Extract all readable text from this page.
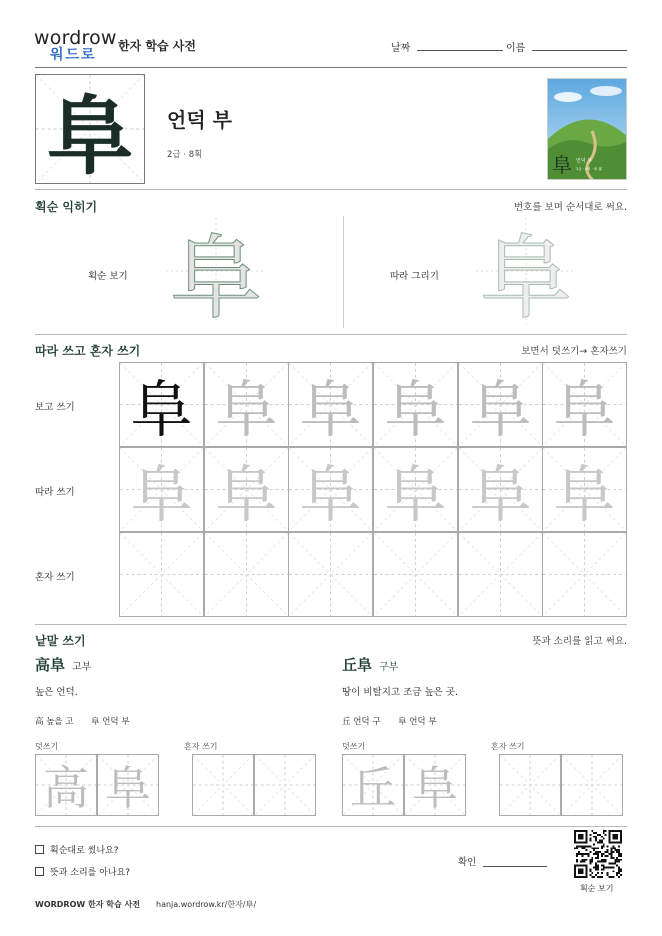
wordrow
워드로
한자 학습 사전	날짜	이름
阜	언덕 부
2급 · 8획	阜 언덕 부
2급 · 8획 · 阜 部
획순 익히기	번호를 보며 순서대로 써요.
획순 보기 阜	따라 그리기 阜
따라 쓰고 혼자 쓰기	보면서 덧쓰기→ 혼자쓰기
보고 쓰기
따라 쓰기
혼자 쓰기
낱말 쓰기	뜻과 소리를 읽고 써요.
高阜 고부
높은 언덕.
高 높을 고 阜 언덕 부
덧쓰기	혼자 쓰기
丘阜 구부
땅이 비탈지고 조금 높은 곳.
丘 언덕 구 阜 언덕 부
덧쓰기	혼자 쓰기
획순대로 썼나요?
뜻과 소리를 아나요?
확인
획순 보기
WORDROW 한자 학습 사전 hanja.wordrow.kr/한자/阜/
阜 阜 阜 阜 阜 阜
阜 阜 阜 阜 阜 阜
高 阜	丘 阜
